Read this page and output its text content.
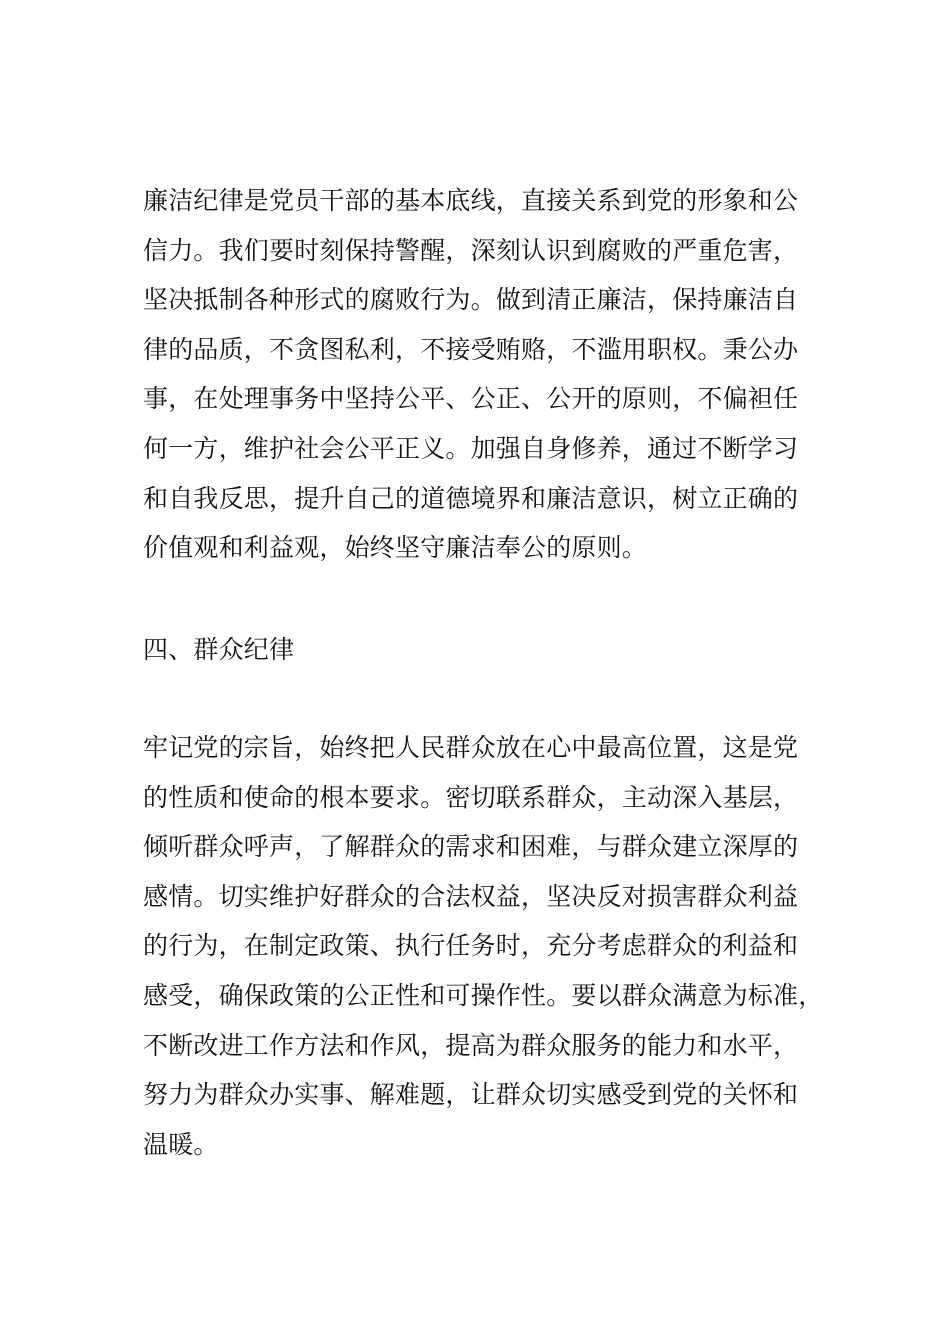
廉洁纪律是党员干部的基本底线，直接关系到党的形象和公
信力。我们要时刻保持警醒，深刻认识到腐败的严重危害，
坚决抵制各种形式的腐败行为。做到清正廉洁，保持廉洁自
律的品质，不贪图私利，不接受贿赂，不滥用职权。秉公办
事，在处理事务中坚持公平、公正、公开的原则，不偏袒任
何一方，维护社会公平正义。加强自身修养，通过不断学习
和自我反思，提升自己的道德境界和廉洁意识，树立正确的
价值观和利益观，始终坚守廉洁奉公的原则。
四、群众纪律
牢记党的宗旨，始终把人民群众放在心中最高位置，这是党
的性质和使命的根本要求。密切联系群众，主动深入基层，
倾听群众呼声，了解群众的需求和困难，与群众建立深厚的
感情。切实维护好群众的合法权益，坚决反对损害群众利益
的行为，在制定政策、执行任务时，充分考虑群众的利益和
感受，确保政策的公正性和可操作性。要以群众满意为标准，
不断改进工作方法和作风，提高为群众服务的能力和水平，
努力为群众办实事、解难题，让群众切实感受到党的关怀和
温暖。
